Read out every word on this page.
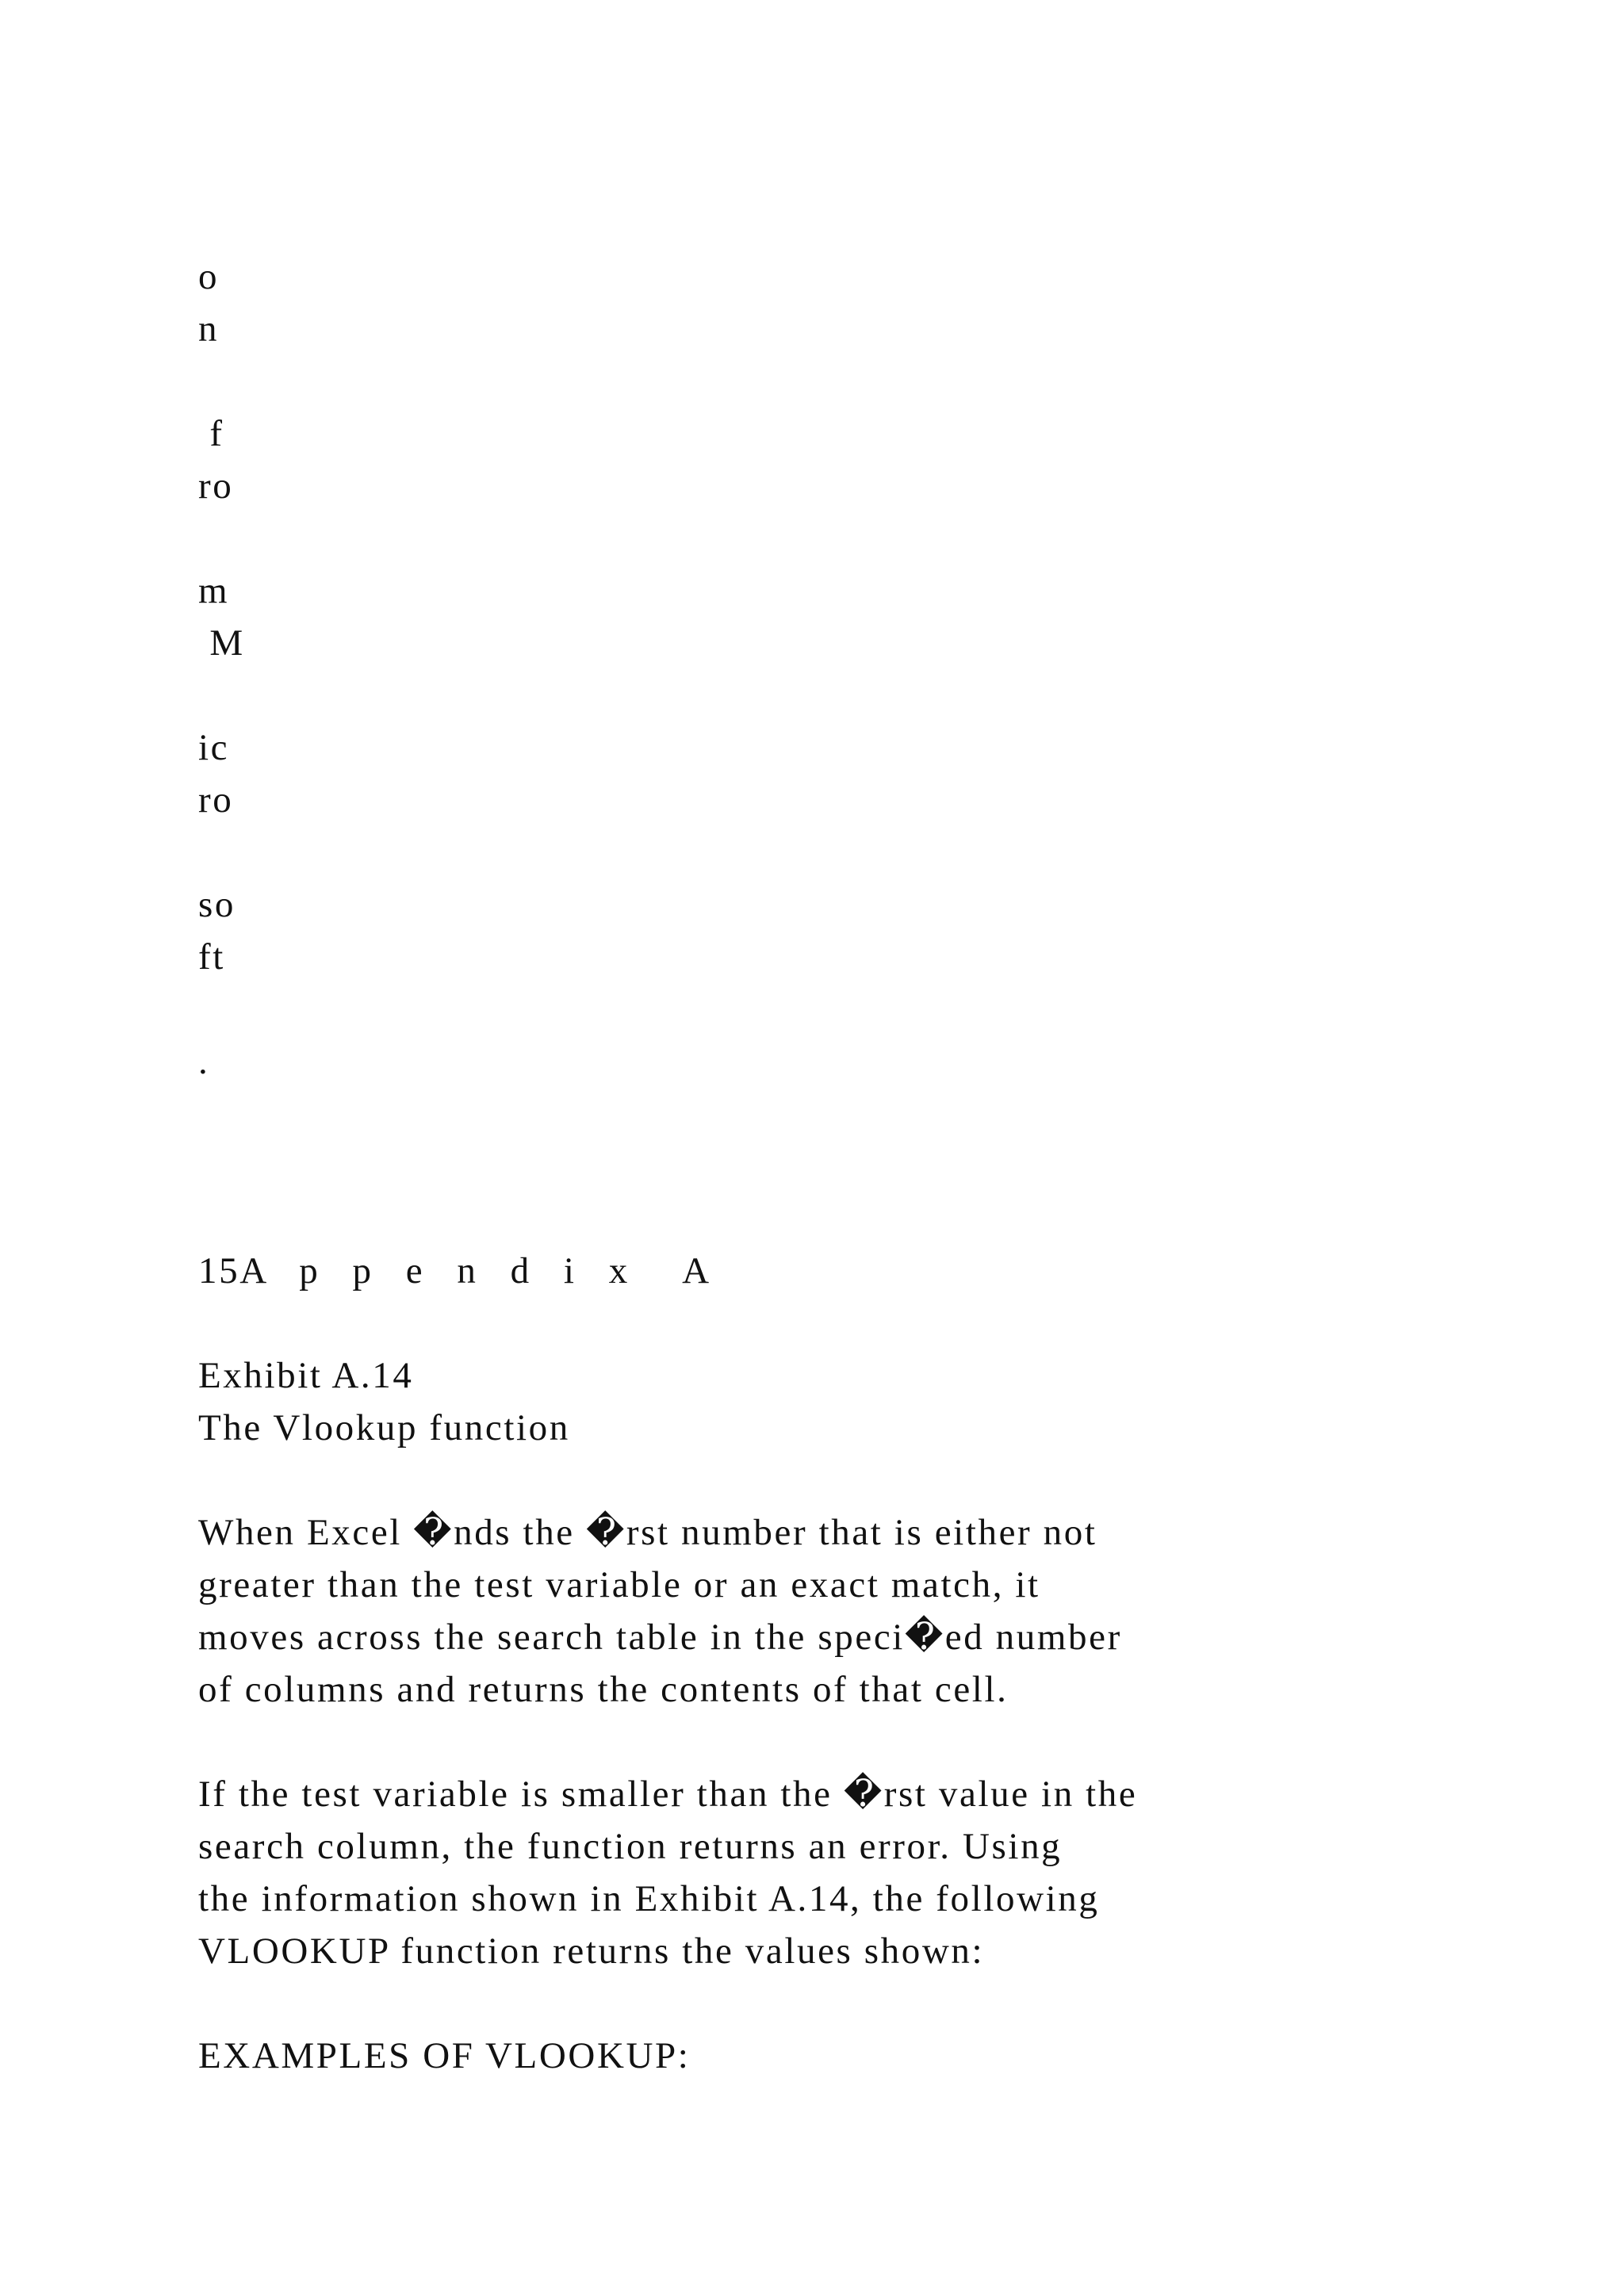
o
n
f
ro
m
M
ic
ro
so
ft
.
15A p p e n d i x  A
Exhibit A.14
The Vlookup function
When Excel �nds the �rst number that is either not
greater than the test variable or an exact match, it
moves across the search table in the speci�ed number
of columns and returns the contents of that cell.
If the test variable is smaller than the �rst value in the
search column, the function returns an error. Using
the information shown in Exhibit A.14, the following
VLOOKUP function returns the values shown:
EXAMPLES OF VLOOKUP:
